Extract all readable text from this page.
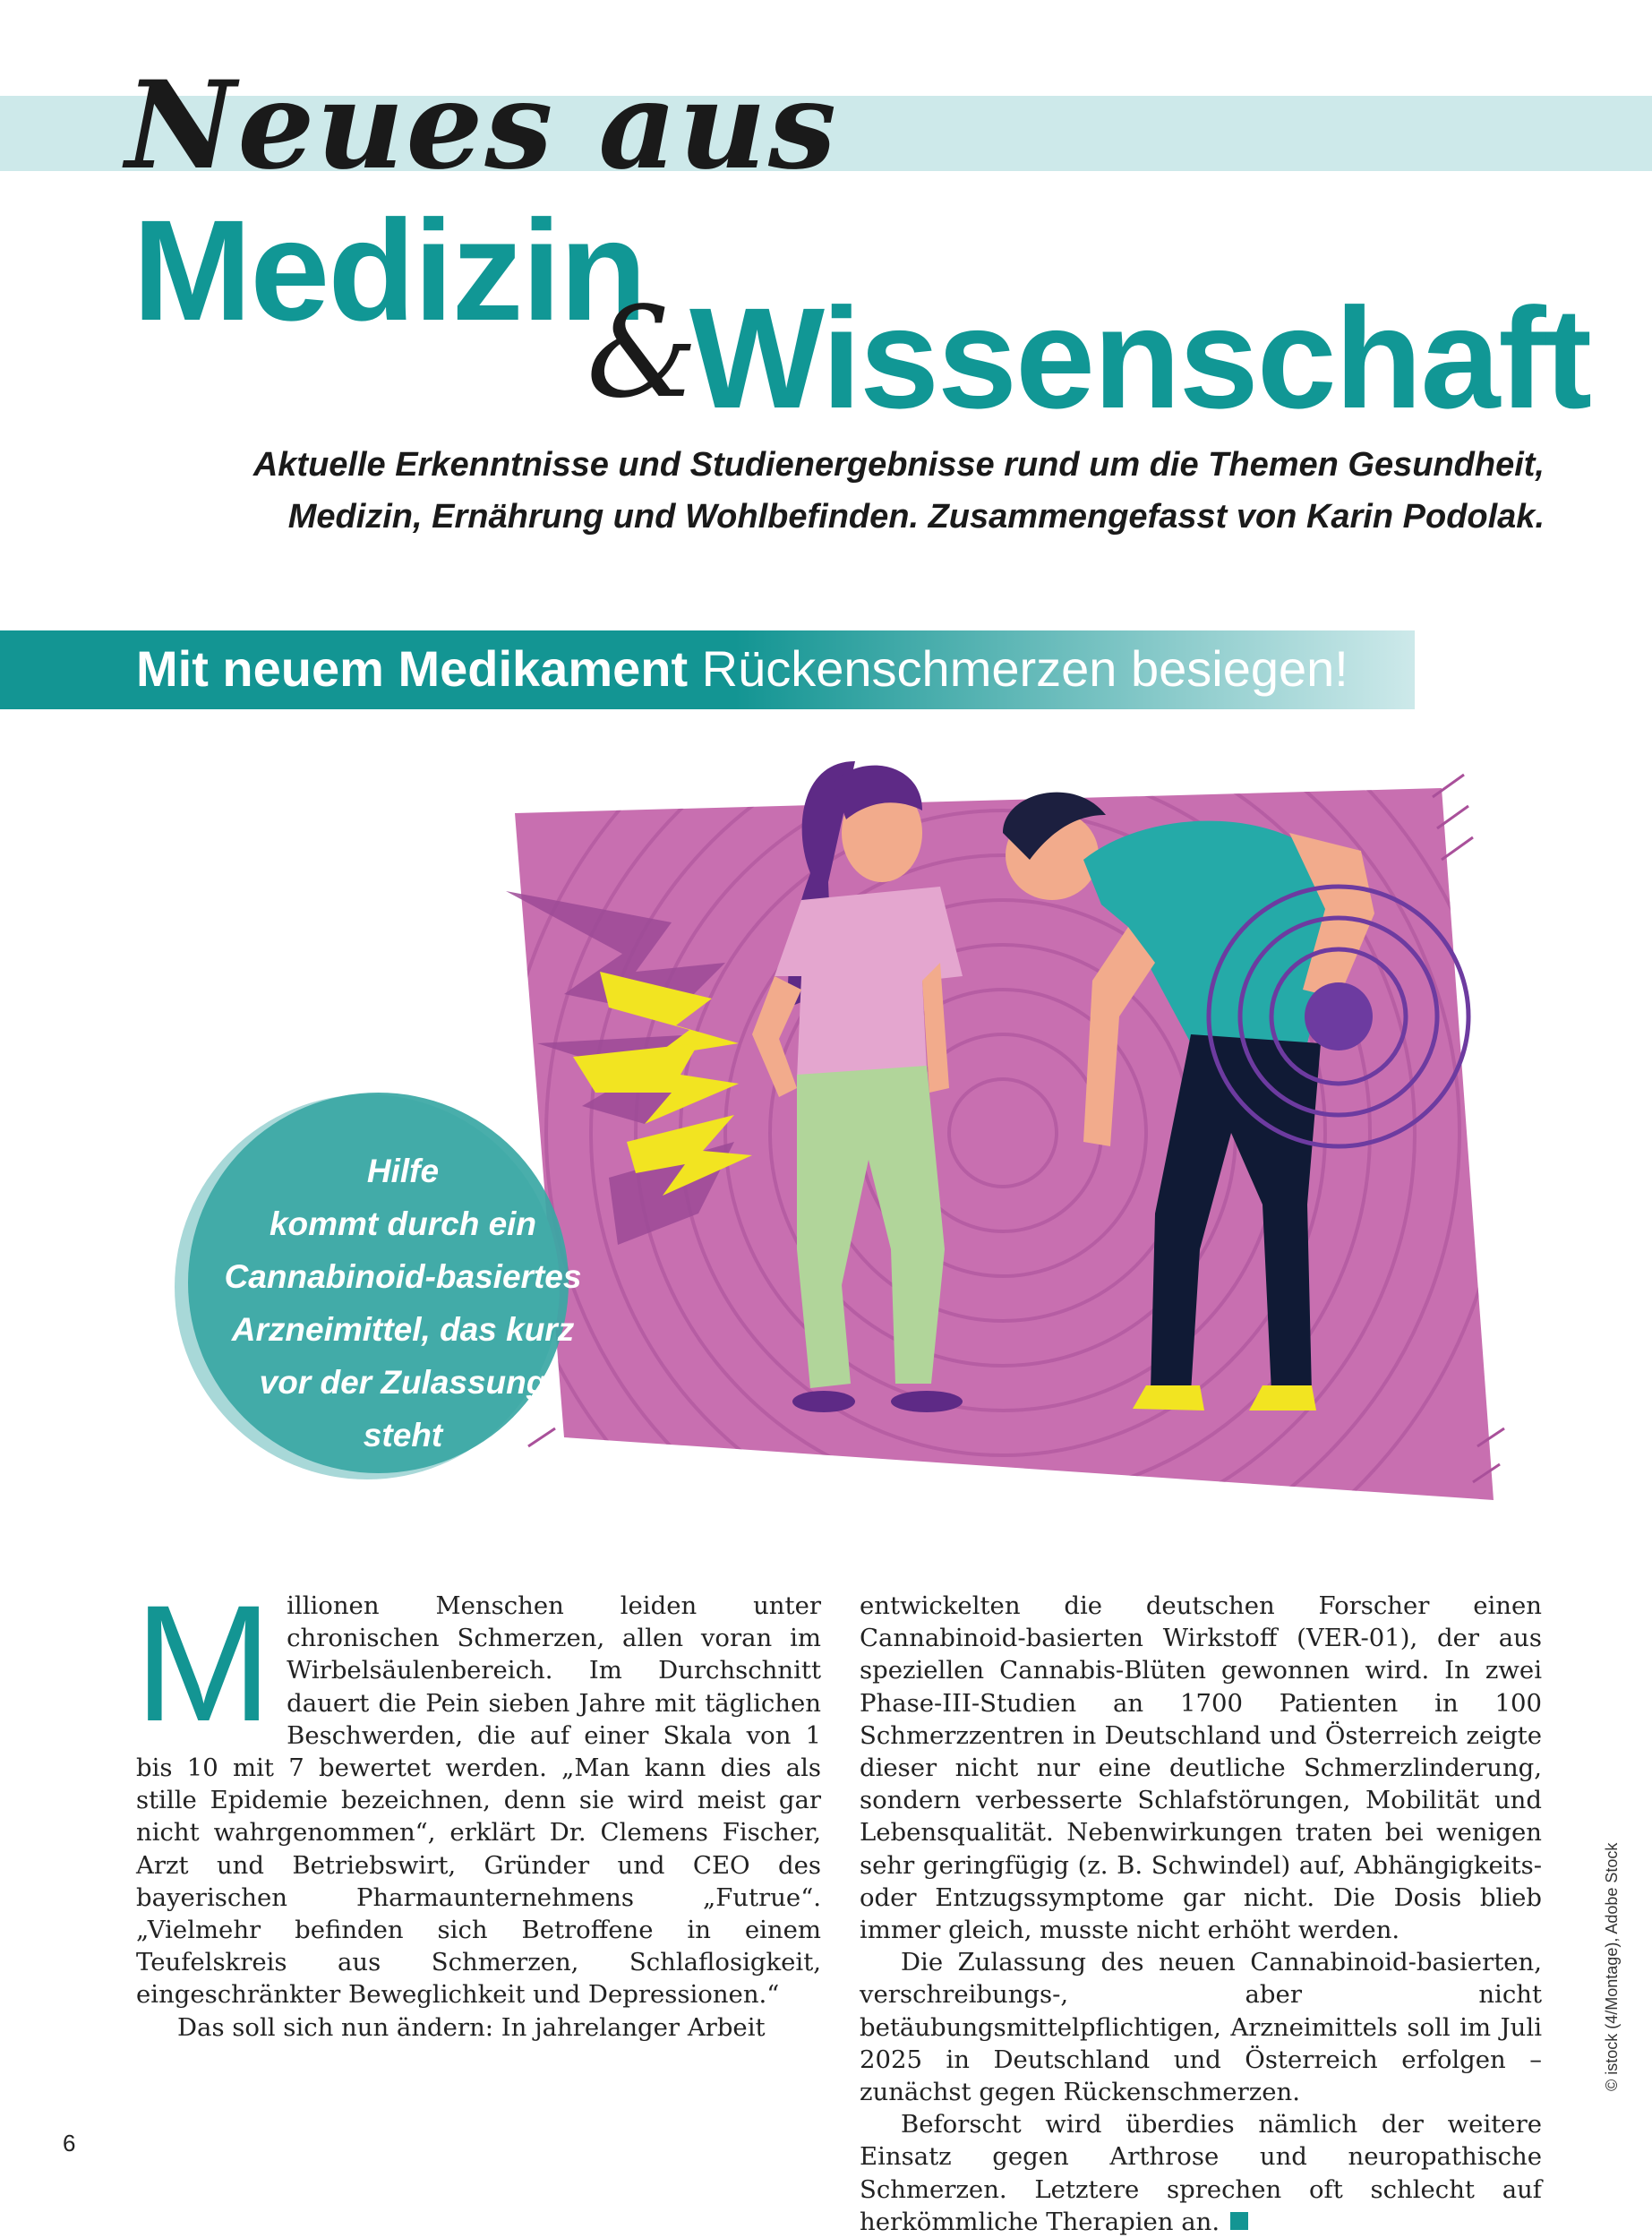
Neues aus
Medizin
&
Wissenschaft
Aktuelle Erkenntnisse und Studienergebnisse rund um die Themen Gesundheit, Medizin, Ernährung und Wohlbefinden. Zusammengefasst von Karin Podolak.
Mit neuem Medikament Rückenschmerzen besiegen!
Hilfe
kommt durch ein
Cannabinoid-basiertes
Arzneimittel, das kurz
vor der Zulassung
steht
M illionen Menschen leiden unter chronischen Schmerzen, allen voran im Wirbelsäulenbereich. Im Durchschnitt dauert die Pein sieben Jahre mit täglichen Beschwerden, die auf einer Skala von 1 bis 10 mit 7 bewertet werden. „Man kann dies als stille Epidemie bezeichnen, denn sie wird meist gar nicht wahrgenommen“, erklärt Dr. Clemens Fischer, Arzt und Betriebswirt, Gründer und CEO des bayerischen Pharmaunternehmens „Futrue“. „Vielmehr befinden sich Betroffene in einem Teufelskreis aus Schmerzen, Schlaflosigkeit, eingeschränkter Beweglichkeit und Depressionen.“

Das soll sich nun ändern: In jahrelanger Arbeit

entwickelten die deutschen Forscher einen Cannabinoid-basierten Wirkstoff (VER-01), der aus speziellen Cannabis-Blüten gewonnen wird. In zwei Phase-III-Studien an 1700 Patienten in 100 Schmerzzentren in Deutschland und Österreich zeigte dieser nicht nur eine deutliche Schmerzlinderung, sondern verbesserte Schlafstörungen, Mobilität und Lebensqualität. Nebenwirkungen traten bei wenigen sehr geringfügig (z. B. Schwindel) auf, Abhängigkeits- oder Entzugssymptome gar nicht. Die Dosis blieb immer gleich, musste nicht erhöht werden.

Die Zulassung des neuen Cannabinoid-basierten, verschreibungs-, aber nicht betäubungsmittelpflichtigen, Arzneimittels soll im Juli 2025 in Deutschland und Österreich erfolgen – zunächst gegen Rückenschmerzen.

Beforscht wird überdies nämlich der weitere Einsatz gegen Arthrose und neuropathische Schmerzen. Letztere sprechen oft schlecht auf herkömmliche Therapien an.

© istock (4/Montage), Adobe Stock
6
